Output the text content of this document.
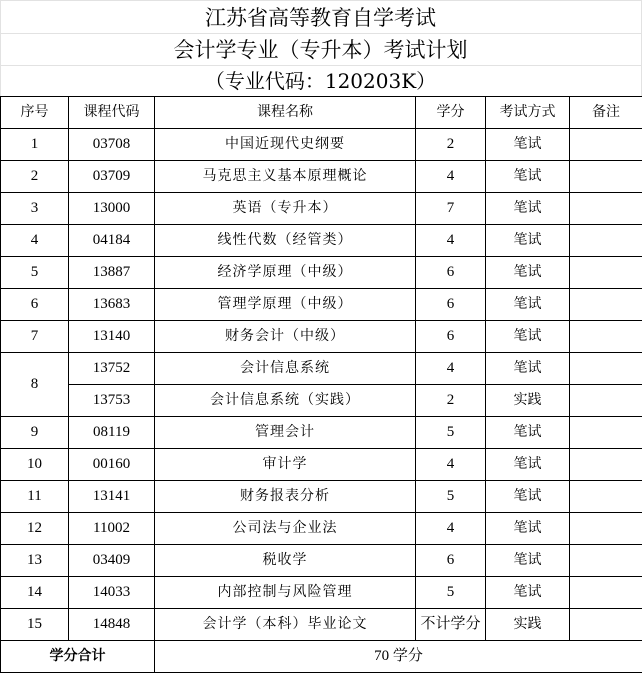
江苏省高等教育自学考试
会计学专业（专升本）考试计划
（专业代码：120203K）
序号	课程代码	课程名称	学分	考试方式	备注
1	03708	中国近现代史纲要	2	笔试	
2	03709	马克思主义基本原理概论	4	笔试	
3	13000	英语（专升本）	7	笔试	
4	04184	线性代数（经管类）	4	笔试	
5	13887	经济学原理（中级）	6	笔试	
6	13683	管理学原理（中级）	6	笔试	
7	13140	财务会计（中级）	6	笔试	
8	13752	会计信息系统	4	笔试	
	13753	会计信息系统（实践）	2	实践	
9	08119	管理会计	5	笔试	
10	00160	审计学	4	笔试	
11	13141	财务报表分析	5	笔试	
12	11002	公司法与企业法	4	笔试	
13	03409	税收学	6	笔试	
14	14033	内部控制与风险管理	5	笔试	
15	14848	会计学（本科）毕业论文	不计学分	实践	
学分合计		70 学分			
